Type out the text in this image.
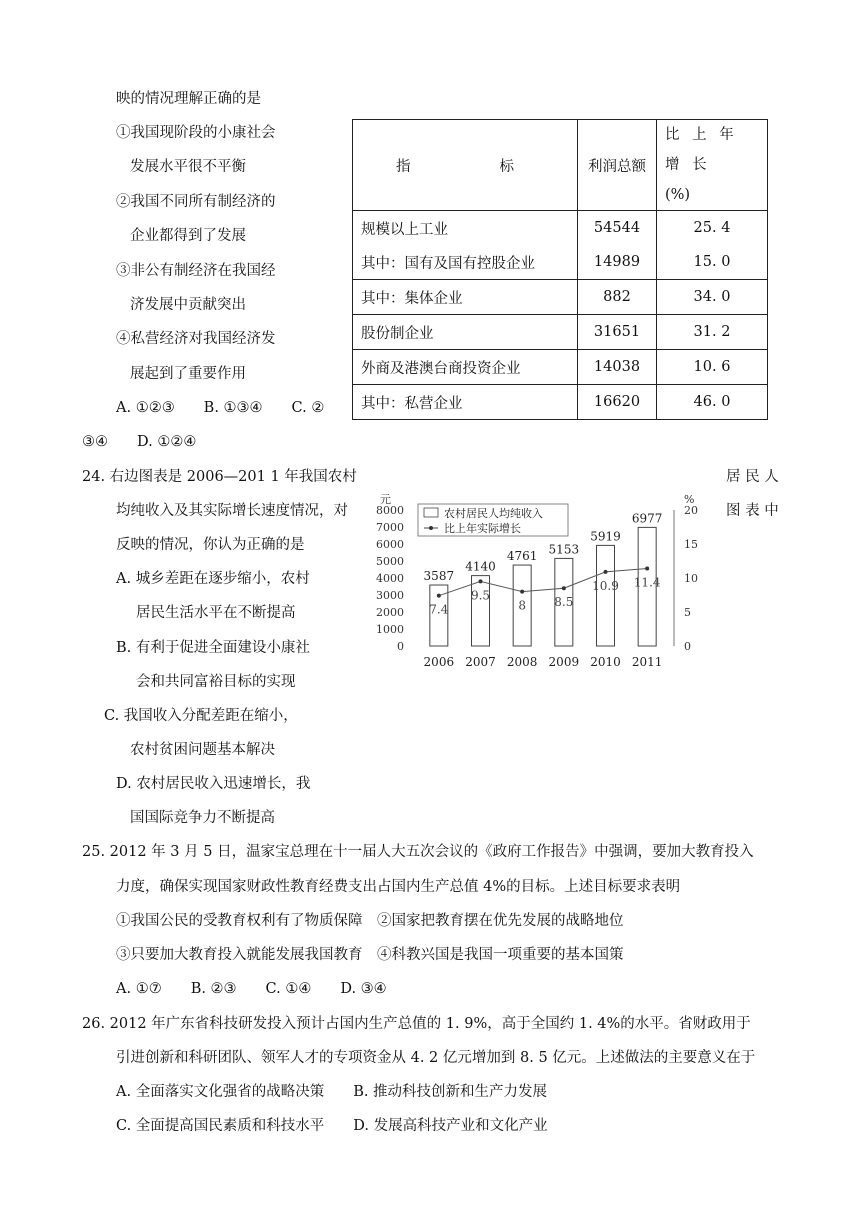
映的情况理解正确的是
①我国现阶段的小康社会
发展水平很不平衡
②我国不同所有制经济的
企业都得到了发展
③非公有制经济在我国经
济发展中贡献突出
④私营经济对我国经济发
展起到了重要作用
A. ①②③　　B. ①③④　　C. ②
③④　　D. ①②④
指　　标	利润总额	比 上 年 增 长
(%)

规模以上工业	54544	25. 4
其中：国有及国有控股企业	14989	15. 0
其中：集体企业	882	34. 0
股份制企业	31651	31. 2
外商及港澳台商投资企业	14038	10. 6
其中：私营企业	16620	46. 0
24. 右边图表是 2006—201 1 年我国农村	居 民 人
均纯收入及其实际增长速度情况，对	图 表 中
反映的情况，你认为正确的是
A. 城乡差距在逐步缩小，农村
居民生活水平在不断提高
B. 有利于促进全面建设小康社
会和共同富裕目标的实现
C. 我国收入分配差距在缩小，
农村贫困问题基本解决
D. 农村居民收入迅速增长，我
国国际竞争力不断提高
元	%
8000
7000
6000
5000
4000
3000
2000
1000
0
20
15
10
5
0
3587
2006
7.4
4140
2007
9.5
4761
2008
8
5153
2009
8.5
5919
2010
10.9
6977
2011
11.4
农村居民人均纯收入
比上年实际增长
25. 2012 年 3 月 5 日，温家宝总理在十一届人大五次会议的《政府工作报告》中强调，要加大教育投入
力度，确保实现国家财政性教育经费支出占国内生产总值 4%的目标。上述目标要求表明
①我国公民的受教育权利有了物质保障　②国家把教育摆在优先发展的战略地位
③只要加大教育投入就能发展我国教育　④科教兴国是我国一项重要的基本国策
A. ①⑦　　B. ②③　　C. ①④　　D. ③④
26. 2012 年广东省科技研发投入预计占国内生产总值的 1. 9%，高于全国约 1. 4%的水平。省财政用于
引进创新和科研团队、领军人才的专项资金从 4. 2 亿元增加到 8. 5 亿元。上述做法的主要意义在于
A. 全面落实文化强省的战略决策　　B. 推动科技创新和生产力发展
C. 全面提高国民素质和科技水平　　D. 发展高科技产业和文化产业
